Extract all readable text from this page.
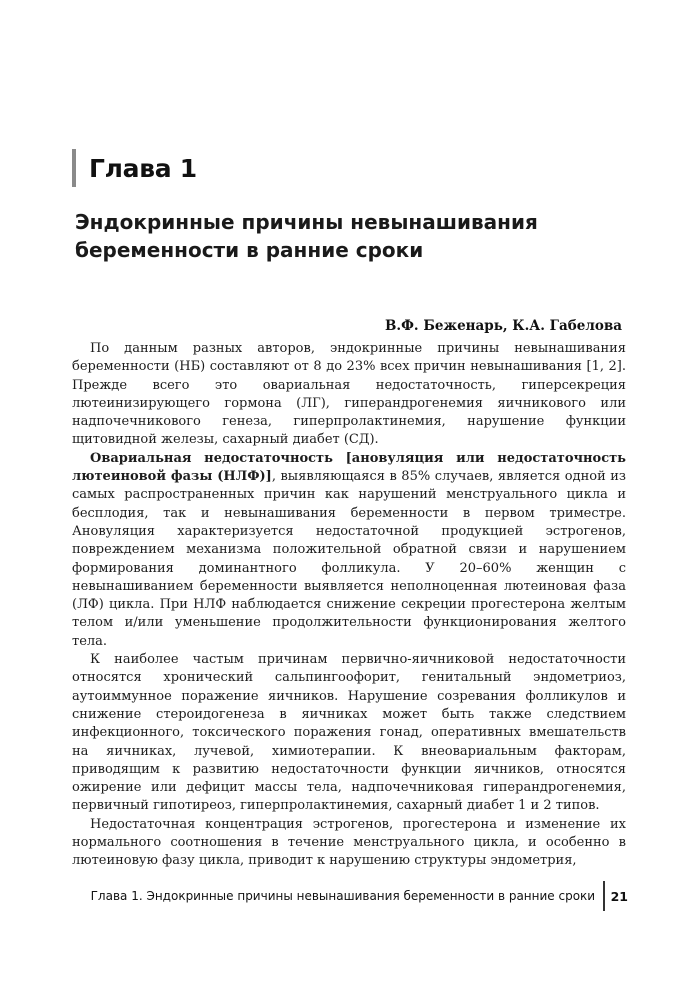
Глава 1
Эндокринные причины невынашивания
беременности в ранние сроки
В.Ф. Беженарь, К.А. Габелова

По данным разных авторов, эндокринные причины невынашивания беременности (НБ) составляют от 8 до 23% всех причин невынашивания [1, 2]. Прежде всего это овариальная недостаточность, гиперсекреция лютеинизирующего гормона (ЛГ), гиперандрогенемия яичникового или надпочечникового генеза, гиперпролактинемия, нарушение функции щитовидной железы, сахарный диабет (СД).

Овариальная недостаточность [ановуляция или недостаточность лютеиновой фазы (НЛФ)], выявляющаяся в 85% случаев, является одной из самых распространенных причин как нарушений менструального цикла и бесплодия, так и невынашивания беременности в первом триместре. Ановуляция характеризуется недостаточной продукцией эстрогенов, повреждением механизма положительной обратной связи и нарушением формирования доминантного фолликула. У 20–60% женщин с невынашиванием беременности выявляется неполноценная лютеиновая фаза (ЛФ) цикла. При НЛФ наблюдается снижение секреции прогестерона желтым телом и/или уменьшение продолжительности функционирования желтого тела.

К наиболее частым причинам первично-яичниковой недостаточности относятся хронический сальпингоофорит, генитальный эндометриоз, аутоиммунное поражение яичников. Нарушение созревания фолликулов и снижение стероидогенеза в яичниках может быть также следствием инфекционного, токсического поражения гонад, оперативных вмешательств на яичниках, лучевой, химиотерапии. К внеовариальным факторам, приводящим к развитию недостаточности функции яичников, относятся ожирение или дефицит массы тела, надпочечниковая гиперандрогенемия, первичный гипотиреоз, гиперпролактинемия, сахарный диабет 1 и 2 типов.

Недостаточная концентрация эстрогенов, прогестерона и изменение их нормального соотношения в течение менструального цикла, и особенно в лютеиновую фазу цикла, приводит к нарушению структуры эндометрия,

Глава 1. Эндокринные причины невынашивания беременности в ранние сроки 21
